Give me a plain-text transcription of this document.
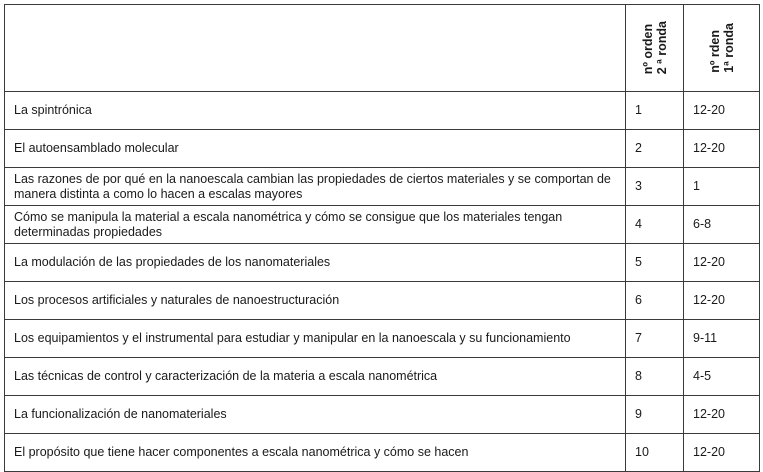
	nº orden 2 ª ronda	nº rden 1ª ronda

La spintrónica	1	12-20
El autoensamblado molecular	2	12-20
Las razones de por qué en la nanoescala cambian las propiedades de ciertos materiales y se comportan de manera distinta a como lo hacen a escalas mayores	3	1
Cómo se manipula la material a escala nanométrica y cómo se consigue que los materiales tengan determinadas propiedades	4	6-8
La modulación de las propiedades de los nanomateriales	5	12-20
Los procesos artificiales y naturales de nanoestructuración	6	12-20
Los equipamientos y el instrumental para estudiar y manipular en la nanoescala y su funcionamiento	7	9-11
Las técnicas de control y caracterización de la materia a escala nanométrica	8	4-5
La funcionalización de nanomateriales	9	12-20
El propósito que tiene hacer componentes a escala nanométrica y cómo se hacen	10	12-20
